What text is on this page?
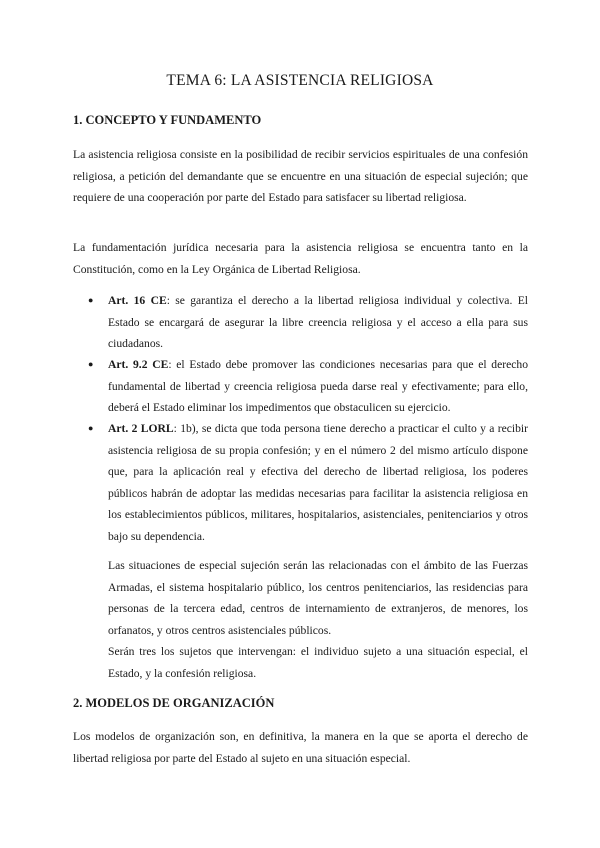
TEMA 6: LA ASISTENCIA RELIGIOSA
1. CONCEPTO Y FUNDAMENTO
La asistencia religiosa consiste en la posibilidad de recibir servicios espirituales de una confesión religiosa, a petición del demandante que se encuentre en una situación de especial sujeción; que requiere de una cooperación por parte del Estado para satisfacer su libertad religiosa.
La fundamentación jurídica necesaria para la asistencia religiosa se encuentra tanto en la Constitución, como en la Ley Orgánica de Libertad Religiosa.
● Art. 16 CE: se garantiza el derecho a la libertad religiosa individual y colectiva. El Estado se encargará de asegurar la libre creencia religiosa y el acceso a ella para sus ciudadanos.
● Art. 9.2 CE: el Estado debe promover las condiciones necesarias para que el derecho fundamental de libertad y creencia religiosa pueda darse real y efectivamente; para ello, deberá el Estado eliminar los impedimentos que obstaculicen su ejercicio.
● Art. 2 LORL: 1b), se dicta que toda persona tiene derecho a practicar el culto y a recibir asistencia religiosa de su propia confesión; y en el número 2 del mismo artículo dispone que, para la aplicación real y efectiva del derecho de libertad religiosa, los poderes públicos habrán de adoptar las medidas necesarias para facilitar la asistencia religiosa en los establecimientos públicos, militares, hospitalarios, asistenciales, penitenciarios y otros bajo su dependencia.
Las situaciones de especial sujeción serán las relacionadas con el ámbito de las Fuerzas Armadas, el sistema hospitalario público, los centros penitenciarios, las residencias para personas de la tercera edad, centros de internamiento de extranjeros, de menores, los orfanatos, y otros centros asistenciales públicos.
Serán tres los sujetos que intervengan: el individuo sujeto a una situación especial, el Estado, y la confesión religiosa.
2. MODELOS DE ORGANIZACIÓN
Los modelos de organización son, en definitiva, la manera en la que se aporta el derecho de libertad religiosa por parte del Estado al sujeto en una situación especial.
